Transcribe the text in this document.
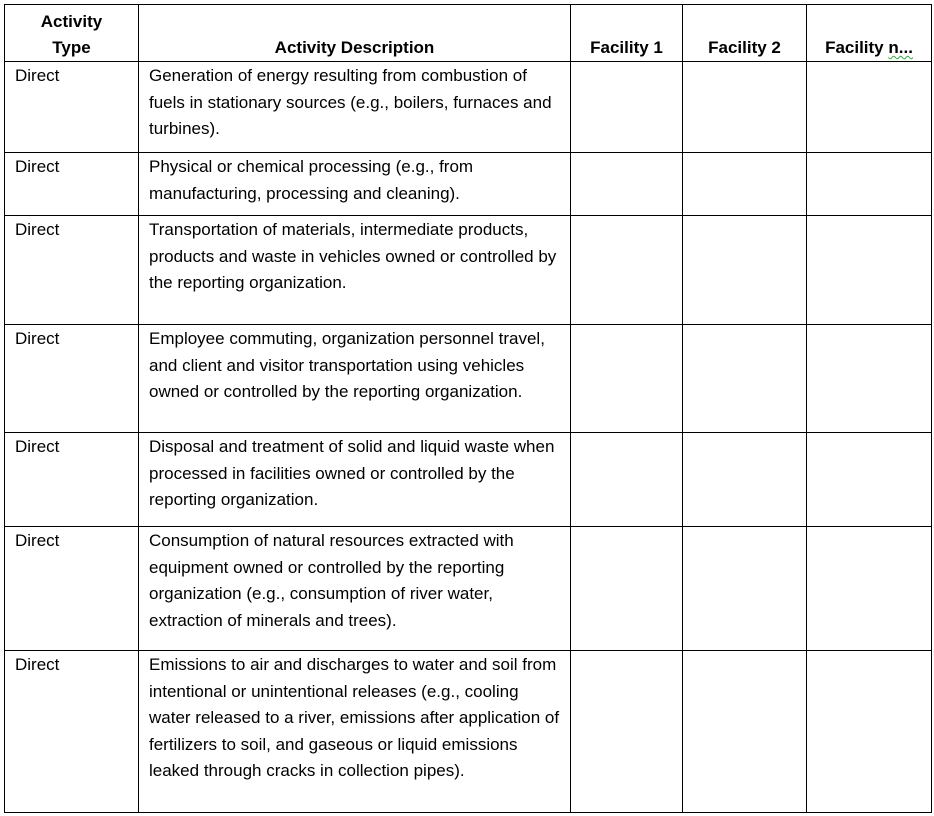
Activity Type	Activity Description	Facility 1	Facility 2	Facility n...
Direct	Generation of energy resulting from combustion of fuels in stationary sources (e.g., boilers, furnaces and turbines).			
Direct	Physical or chemical processing (e.g., from manufacturing, processing and cleaning).			
Direct	Transportation of materials, intermediate products, products and waste in vehicles owned or controlled by the reporting organization.			
Direct	Employee commuting, organization personnel travel, and client and visitor transportation using vehicles owned or controlled by the reporting organization.			
Direct	Disposal and treatment of solid and liquid waste when processed in facilities owned or controlled by the reporting organization.			
Direct	Consumption of natural resources extracted with equipment owned or controlled by the reporting organization (e.g., consumption of river water, extraction of minerals and trees).			
Direct	Emissions to air and discharges to water and soil from intentional or unintentional releases (e.g., cooling water released to a river, emissions after application of fertilizers to soil, and gaseous or liquid emissions leaked through cracks in collection pipes).			
